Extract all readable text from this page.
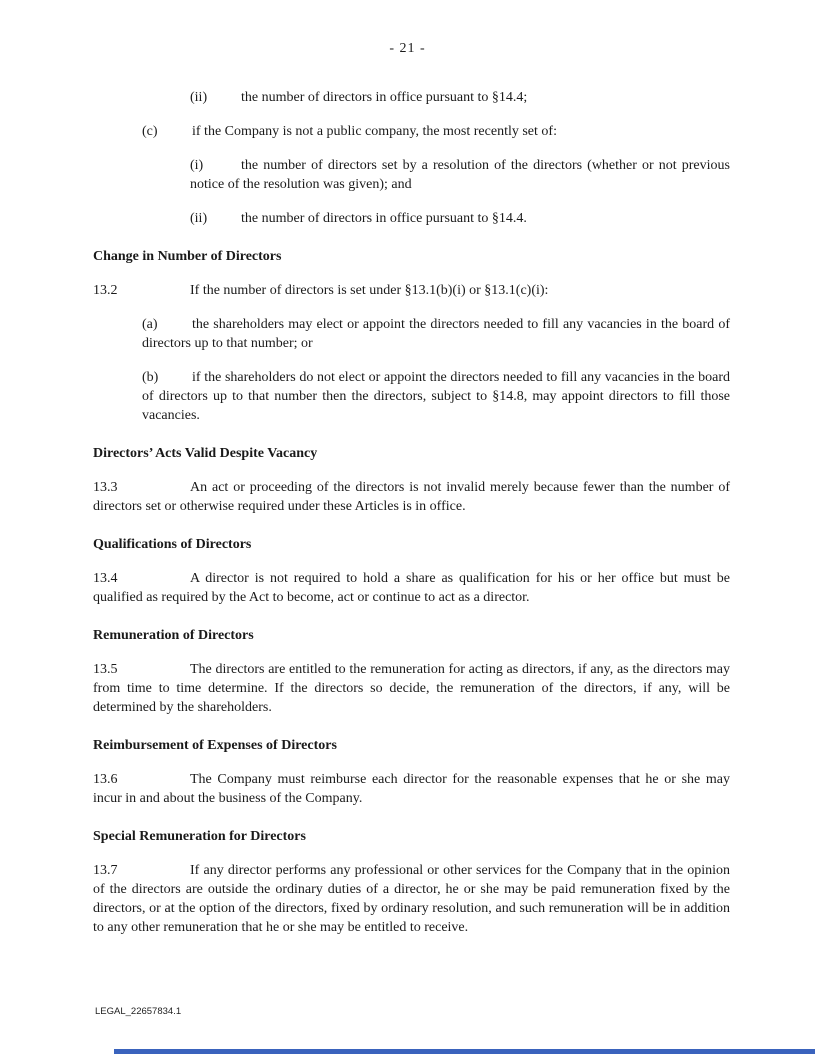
- 21 -
(ii) the number of directors in office pursuant to §14.4;
(c) if the Company is not a public company, the most recently set of:
(i)	the number of directors set by a resolution of the directors (whether or not previous notice of the resolution was given); and
(ii) the number of directors in office pursuant to §14.4.
Change in Number of Directors
13.2	If the number of directors is set under §13.1(b)(i) or §13.1(c)(i):
(a) the shareholders may elect or appoint the directors needed to fill any vacancies in the board of directors up to that number; or
(b) if the shareholders do not elect or appoint the directors needed to fill any vacancies in the board of directors up to that number then the directors, subject to §14.8, may appoint directors to fill those vacancies.
Directors’ Acts Valid Despite Vacancy
13.3	An act or proceeding of the directors is not invalid merely because fewer than the number of directors set or otherwise required under these Articles is in office.
Qualifications of Directors
13.4	A director is not required to hold a share as qualification for his or her office but must be qualified as required by the Act to become, act or continue to act as a director.
Remuneration of Directors
13.5	The directors are entitled to the remuneration for acting as directors, if any, as the directors may from time to time determine. If the directors so decide, the remuneration of the directors, if any, will be determined by the shareholders.
Reimbursement of Expenses of Directors
13.6	The Company must reimburse each director for the reasonable expenses that he or she may incur in and about the business of the Company.
Special Remuneration for Directors
13.7	If any director performs any professional or other services for the Company that in the opinion of the directors are outside the ordinary duties of a director, he or she may be paid remuneration fixed by the directors, or at the option of the directors, fixed by ordinary resolution, and such remuneration will be in addition to any other remuneration that he or she may be entitled to receive.
LEGAL_22657834.1
